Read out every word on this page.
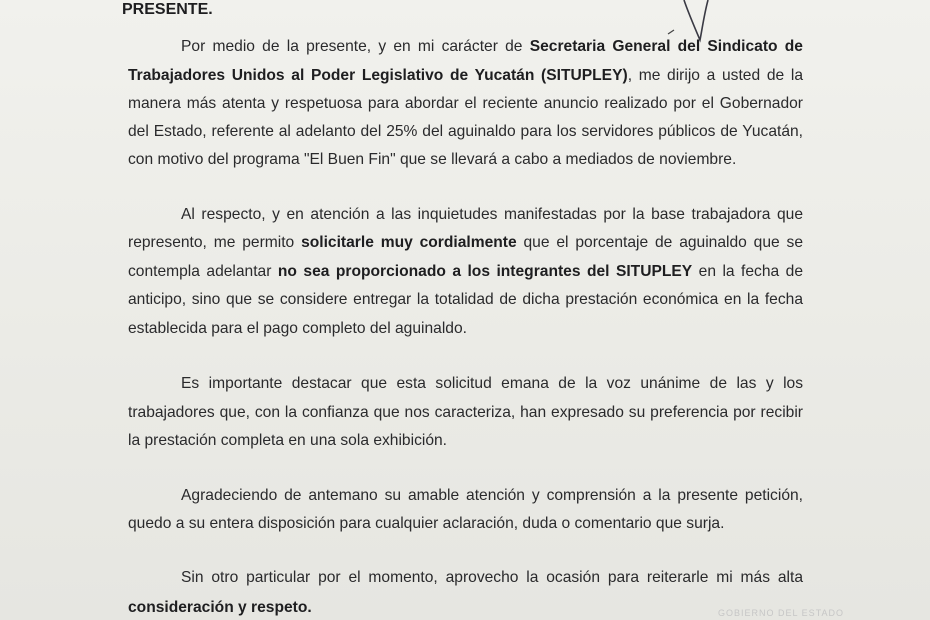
PRESENTE.
Por medio de la presente, y en mi carácter de Secretaria General del Sindicato de
Trabajadores Unidos al Poder Legislativo de Yucatán (SITUPLEY), me dirijo a usted de la
manera más atenta y respetuosa para abordar el reciente anuncio realizado por el Gobernador
del Estado, referente al adelanto del 25% del aguinaldo para los servidores públicos de Yucatán,
con motivo del programa "El Buen Fin" que se llevará a cabo a mediados de noviembre.
Al respecto, y en atención a las inquietudes manifestadas por la base trabajadora que
represento, me permito solicitarle muy cordialmente que el porcentaje de aguinaldo que se
contempla adelantar no sea proporcionado a los integrantes del SITUPLEY en la fecha de
anticipo, sino que se considere entregar la totalidad de dicha prestación económica en la fecha
establecida para el pago completo del aguinaldo.
Es importante destacar que esta solicitud emana de la voz unánime de las y los
trabajadores que, con la confianza que nos caracteriza, han expresado su preferencia por recibir
la prestación completa en una sola exhibición.
Agradeciendo de antemano su amable atención y comprensión a la presente petición,
quedo a su entera disposición para cualquier aclaración, duda o comentario que surja.
Sin otro particular por el momento, aprovecho la ocasión para reiterarle mi más alta
consideración y respeto.	GOBIERNO DEL ESTADO
